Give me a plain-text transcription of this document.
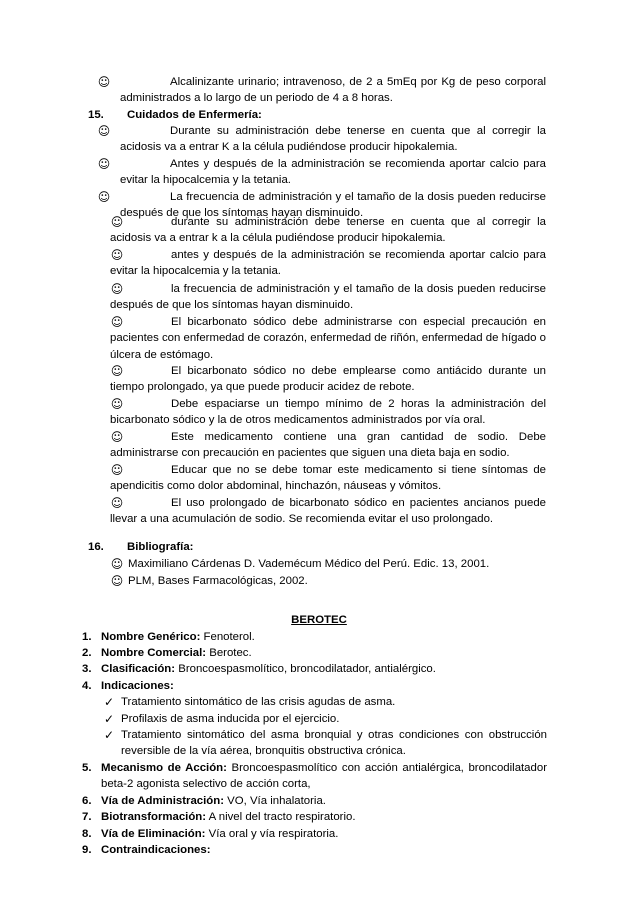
☺	Alcalinizante urinario; intravenoso, de 2 a 5mEq por Kg de peso corporal administrados a lo largo de un periodo de 4 a 8 horas.
15. Cuidados de Enfermería:
☺	Durante su administración debe tenerse en cuenta que al corregir la acidosis va a entrar K a la célula pudiéndose producir hipokalemia.
☺	Antes y después de la administración se recomienda aportar calcio para evitar la hipocalcemia y la tetania.
☺	La frecuencia de administración y el tamaño de la dosis pueden reducirse después de que los síntomas hayan disminuido.
☺	durante su administración debe tenerse en cuenta que al corregir la acidosis va a entrar k a la célula pudiéndose producir hipokalemia.
☺	antes y después de la administración se recomienda aportar calcio para evitar la hipocalcemia y la tetania.
☺	la frecuencia de administración y el tamaño de la dosis pueden reducirse después de que los síntomas hayan disminuido.
☺	El bicarbonato sódico debe administrarse con especial precaución en pacientes con enfermedad de corazón, enfermedad de riñón, enfermedad de hígado o úlcera de estómago.
☺	El bicarbonato sódico no debe emplearse como antiácido durante un tiempo prolongado, ya que puede producir acidez de rebote.
☺	Debe espaciarse un tiempo mínimo de 2 horas la administración del bicarbonato sódico y la de otros medicamentos administrados por vía oral.
☺	Este medicamento contiene una gran cantidad de sodio. Debe administrarse con precaución en pacientes que siguen una dieta baja en sodio.
☺	Educar que no se debe tomar este medicamento si tiene síntomas de apendicitis como dolor abdominal, hinchazón, náuseas y vómitos.
☺	El uso prolongado de bicarbonato sódico en pacientes ancianos puede llevar a una acumulación de sodio. Se recomienda evitar el uso prolongado.
16. Bibliografía:
☺ Maximiliano Cárdenas D. Vademécum Médico del Perú. Edic. 13, 2001.
☺ PLM, Bases Farmacológicas, 2002.
BEROTEC
1. Nombre Genérico: Fenoterol.
2. Nombre Comercial: Berotec.
3. Clasificación: Broncoespasmolítico, broncodilatador, antialérgico.
4. Indicaciones:
✓ Tratamiento sintomático de las crisis agudas de asma.
✓ Profilaxis de asma inducida por el ejercicio.
✓ Tratamiento sintomático del asma bronquial y otras condiciones con obstrucción reversible de la vía aérea, bronquitis obstructiva crónica.
5. Mecanismo de Acción: Broncoespasmolítico con acción antialérgica, broncodilatador beta-2 agonista selectivo de acción corta,
6. Vía de Administración: VO, Vía inhalatoria.
7. Biotransformación: A nivel del tracto respiratorio.
8. Vía de Eliminación: Vía oral y vía respiratoria.
9. Contraindicaciones:
